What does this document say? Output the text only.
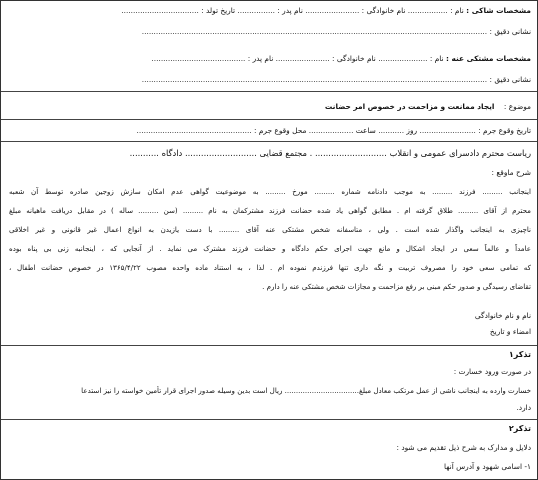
مشخصات شاکی : نام : ................. نام خانوادگی : ....................... نام پدر : ................ تاریخ تولد : .................................
نشانی دقیق : ...................................................................................................................................................
مشخصات مشتکی عنه : نام : ..................... نام خانوادگی : ....................... نام پدر : ........................................
نشانی دقیق : ...................................................................................................................................................
موضوع :    ایجاد ممانعت و مزاحمت در خصوص امر حضانت
تاریخ وقوع جرم : ........................ روز ........... ساعت ................... محل وقوع جرم : .................................................
ریاست محترم دادسرای عمومی و انقلاب ........................... . مجتمع قضایی ........................... دادگاه ...........
شرح ماوقع :
اینجانب ......... فرزند ......... به موجب دادنامه شماره ......... مورخ ......... به موضوعیت گواهی عدم امکان سازش زوجین صادره توسط آن شعبه
محترم از آقای ......... طلاق گرفته ام . مطابق گواهی یاد شده حضانت فرزند مشترکمان به نام ......... (سن ......... ساله ) در مقابل دریافت ماهیانه مبلغ
ناچیزی به اینجانب واگذار شده است . ولی ، متاسفانه شخص مشتکی عنه آقای ......... با دست یازیدن به انواع اعمال غیر قانونی و غیر اخلاقی
عامداً و عالماً سعی در ایجاد اشکال و مانع جهت اجرای حکم دادگاه و حضانت فرزند مشترک می نماید . از آنجایی که ، اینجانبه زنی بی پناه بوده
که تمامی سعی خود را مصروف تربیت و نگه داری تنها فرزندم نموده ام . لذا ، به استناد ماده واحده مصوب ۱۳۶۵/۴/۲۲ در خصوص حضانت اطفال ،
تقاضای رسیدگی و صدور حکم مبنی بر رفع مزاحمت و مجازات شخص مشتکی عنه را دارم .
نام و نام خانوادگی
امضاء و تاریخ
تذکر۱
در صورت ورود خسارت :
خسارت وارده به اینجانب ناشی از عمل مرتکب معادل مبلغ................................. ریال است بدین وسیله صدور اجرای قرار تأمین خواسته را نیز استدعا
دارد.
تذکر۲
دلایل و مدارک به شرح ذیل تقدیم می شود :
۱- اسامی شهود و آدرس آنها
